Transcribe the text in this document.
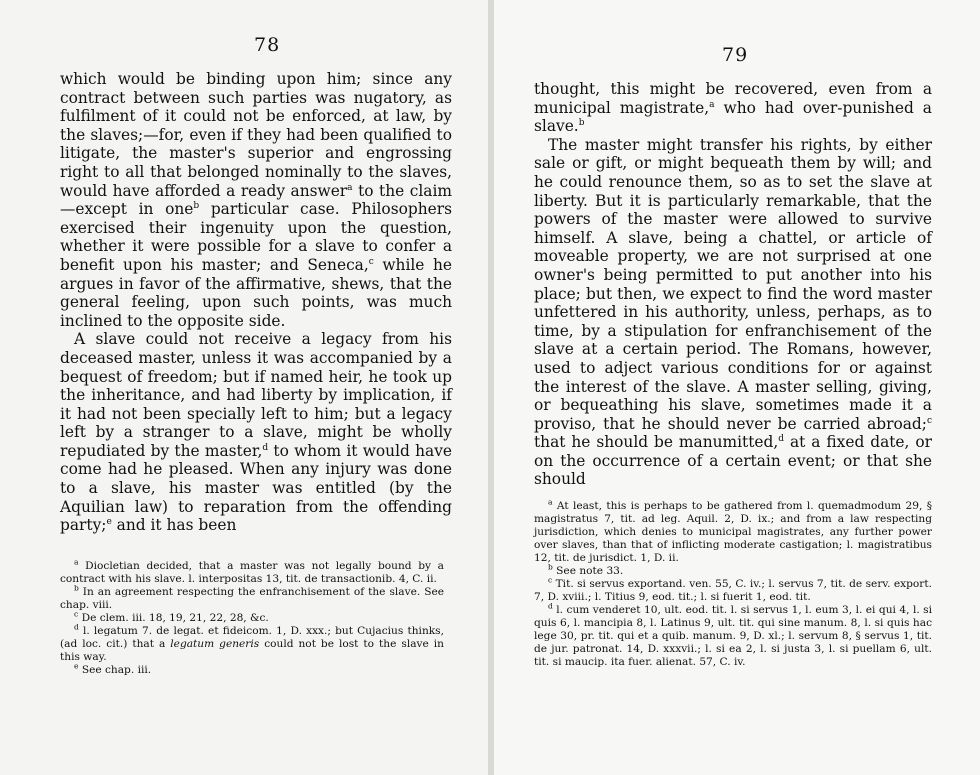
78

which would be binding upon him; since any contract between such parties was nugatory, as fulfilment of it could not be enforced, at law, by the slaves;—for, even if they had been qualified to litigate, the master's superior and engrossing right to all that belonged nominally to the slaves, would have afforded a ready answer$^a$ to the claim—except in one$^b$ particular case. Philosophers exercised their ingenuity upon the question, whether it were possible for a slave to confer a benefit upon his master; and Seneca,$^c$ while he argues in favor of the affirmative, shews, that the general feeling, upon such points, was much inclined to the opposite side.

A slave could not receive a legacy from his deceased master, unless it was accompanied by a bequest of freedom; but if named heir, he took up the inheritance, and had liberty by implication, if it had not been specially left to him; but a legacy left by a stranger to a slave, might be wholly repudiated by the master,$^d$ to whom it would have come had he pleased. When any injury was done to a slave, his master was entitled (by the Aquilian law) to reparation from the offending party;$^e$ and it has been

$^a$ Diocletian decided, that a master was not legally bound by a contract with his slave. l. interpositas 13, tit. de transactionib. 4, C. ii.

$^b$ In an agreement respecting the enfranchisement of the slave. See chap. viii.

$^c$ De clem. iii. 18, 19, 21, 22, 28, &c.

$^d$ l. legatum 7. de legat. et fideicom. 1, D. xxx.; but Cujacius thinks, (ad loc. cit.) that a legatum generis could not be lost to the slave in this way.

$^e$ See chap. iii.

79

thought, this might be recovered, even from a municipal magistrate,$^a$ who had over-punished a slave.$^b$

The master might transfer his rights, by either sale or gift, or might bequeath them by will; and he could renounce them, so as to set the slave at liberty. But it is particularly remarkable, that the powers of the master were allowed to survive himself. A slave, being a chattel, or article of moveable property, we are not surprised at one owner's being permitted to put another into his place; but then, we expect to find the word master unfettered in his authority, unless, perhaps, as to time, by a stipulation for enfranchisement of the slave at a certain period. The Romans, however, used to adject various conditions for or against the interest of the slave. A master selling, giving, or bequeathing his slave, sometimes made it a proviso, that he should never be carried abroad;$^c$ that he should be manumitted,$^d$ at a fixed date, or on the occurrence of a certain event; or that she should

$^a$ At least, this is perhaps to be gathered from l. quemadmodum 29, § magistratus 7, tit. ad leg. Aquil. 2, D. ix.; and from a law respecting jurisdiction, which denies to municipal magistrates, any further power over slaves, than that of inflicting moderate castigation; l. magistratibus 12, tit. de jurisdict. 1, D. ii.

$^b$ See note 33.

$^c$ Tit. si servus exportand. ven. 55, C. iv.; l. servus 7, tit. de serv. export. 7, D. xviii.; l. Titius 9, eod. tit.; l. si fuerit 1, eod. tit.

$^d$ l. cum venderet 10, ult. eod. tit. l. si servus 1, l. eum 3, l. ei qui 4, l. si quis 6, l. mancipia 8, l. Latinus 9, ult. tit. qui sine manum. 8, l. si quis hac lege 30, pr. tit. qui et a quib. manum. 9, D. xl.; l. servum 8, § servus 1, tit. de jur. patronat. 14, D. xxxvii.; l. si ea 2, l. si justa 3, l. si puellam 6, ult. tit. si maucip. ita fuer. alienat. 57, C. iv.
